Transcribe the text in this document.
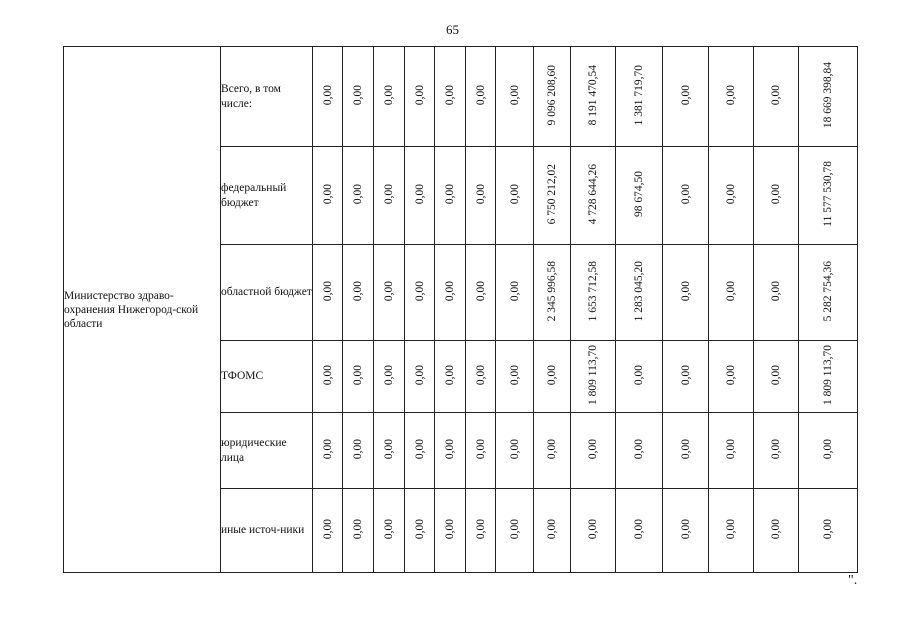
65
Министерство здраво-охранения Нижегород-ской области	Всего, в том числе:	0,00	0,00	0,00	0,00	0,00	0,00	0,00	9 096 208,60	8 191 470,54	1 381 719,70	0,00	0,00	0,00	18 669 398,84
	федеральный бюджет	0,00	0,00	0,00	0,00	0,00	0,00	0,00	6 750 212,02	4 728 644,26	98 674,50	0,00	0,00	0,00	11 577 530,78
	областной бюджет	0,00	0,00	0,00	0,00	0,00	0,00	0,00	2 345 996,58	1 653 712,58	1 283 045,20	0,00	0,00	0,00	5 282 754,36
	ТФОМС	0,00	0,00	0,00	0,00	0,00	0,00	0,00	0,00	1 809 113,70	0,00	0,00	0,00	0,00	1 809 113,70
	юридические лица	0,00	0,00	0,00	0,00	0,00	0,00	0,00	0,00	0,00	0,00	0,00	0,00	0,00	0,00
	иные источ-ники	0,00	0,00	0,00	0,00	0,00	0,00	0,00	0,00	0,00	0,00	0,00	0,00	0,00	0,00
".
